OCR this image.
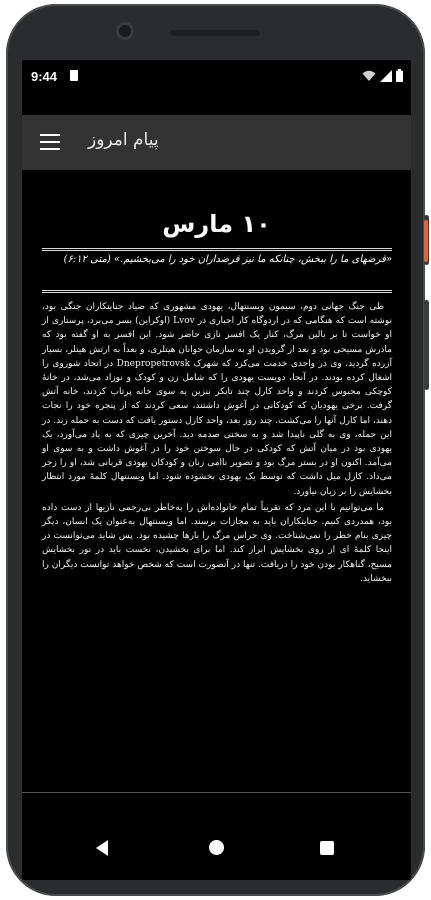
9:44
پیام امروز
۱۰ مارس
«قرضهای ما را ببخش، چنانکه ما نیز قرضداران خود را می‌بخشیم.» (متی ۶:۱۲)

طی جنگ جهانی دوم، سیمون ویسنتهال، یهودی مشهوری که صیاد جنایتکاران جنگی بود، نوشته است که هنگامی که در اردوگاه کار اجباری در Lvov (اوکراین) بسر می‌برد، پرستاری از او خواست تا بر بالین مرگ، کنار یک افسر نازی حاضر شود. این افسر به او گفته بود که مادرش مسیحی بود و بعد از گرویدن او به سازمان جوانان هیتلری، و بعداً به ارتش هیتلر، بسیار آزرده گردید. وی در واحدی خدمت می‌کرد که شهرک Dnepropetrovsk در اتحاد شوروی را اشغال کرده بودند. در آنجا، دویست یهودی را که شامل زن و کودک و نوزاد می‌شد، در خانهٔ کوچکی محبوس کردند و واحد کارل چند تانکر بنزین به سوی خانه پرتاب کردند، خانه آتش گرفت. برخی یهودیان که کودکانی در آغوش داشتند، سعی کردند که از پنجره خود را نجات دهند، اما کارل آنها را می‌کشت. چند روز بعد، واحد کارل دستور یافت که دست به حمله زند. در این حمله، وی به گلی ناپیدا شد و به سختی صدمه دید. آخرین چیزی که به یاد می‌آورد، یک یهودی بود در میان آتش که کودکی در حال سوختن خود را در آغوش داشت و به سوی او می‌آمد. اکنون او در بستر مرگ بود و تصویر ناامی زنان و کودکان یهودی قربانی شد، او را زجر می‌داد. کارل میل داشت که توسط یک یهودی بخشوده شود. اما ویسنتهال کلمهٔ مورد انتظار بخشایش را بر زبان نیاورد.

ما می‌توانیم با این مرد که تقریباً تمام خانواده‌اش را به‌خاطر بی‌رحمی نازیها از دست داده بود، همدردی کنیم. جنایتکاران باید به مجازات برسند. اما ویسنتهال به‌عنوان یک انسان، دیگر چیزی بنام خطر را نمی‌شناخت. وی حراس مرگ را بارها چشیده بود. پس شاید می‌توانست در اینجا کلمهٔ ای از روی بخشایش ابراز کند. اما برای بخشیدن، نخست باید در نور بخشایش مسیح، گناهکار بودن خود را دریافت. تنها در آنصورت است که شخص خواهد توانست دیگران را ببخشاید.
